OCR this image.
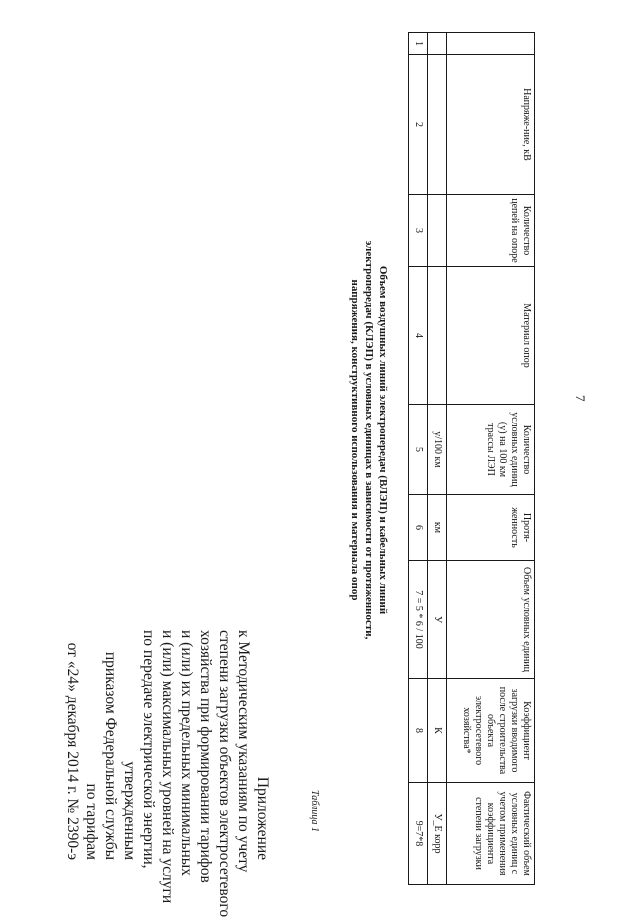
Приложение
к Методическим указаниям по учету
степени загрузки объектов электросетевого
хозяйства при формировании тарифов
и (или) их предельных минимальных
и (или) максимальных уровней на услуги
по передаче электрической энергии,
утвержденным
приказом Федеральной службы
по тарифам
от «24» декабря 2014 г. № 2390-э	Таблица 1
Объем воздушных линий электропередач (ВЛЭП) и кабельных линий
электропередач (КЛЭП) в условных единицах в зависимости от протяженности,
напряжения, конструктивного использования и материала опор
	Напряже-ние, кВ	Количество цепей на опоре	Материал опор	Количество условных единиц (у) на 100 км трассы ЛЭП	Протя-женность	Объем условных единиц	Коэффициент загрузки вводимого после строительства объекта электросетевого хозяйства*	Фактический объем условных единиц с учетом применения коэффициента степени загрузки
				у/100 км	км	У	К	У_Е корр
1	2	3	4	5	6	7 = 5 * 6 / 100	8	9=7*8
7
